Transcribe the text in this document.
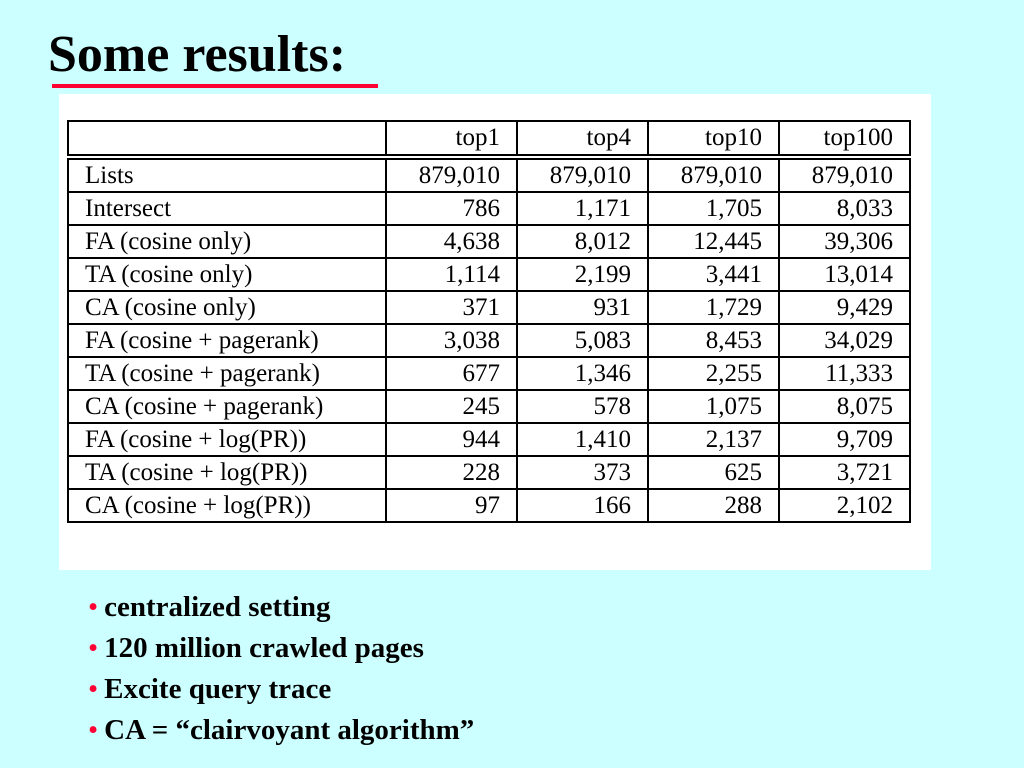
Some results:
	top1	top4	top10	top100
Lists	879,010	879,010	879,010	879,010
Intersect	786	1,171	1,705	8,033
FA (cosine only)	4,638	8,012	12,445	39,306
TA (cosine only)	1,114	2,199	3,441	13,014
CA (cosine only)	371	931	1,729	9,429
FA (cosine + pagerank)	3,038	5,083	8,453	34,029
TA (cosine + pagerank)	677	1,346	2,255	11,333
CA (cosine + pagerank)	245	578	1,075	8,075
FA (cosine + log(PR))	944	1,410	2,137	9,709
TA (cosine + log(PR))	228	373	625	3,721
CA (cosine + log(PR))	97	166	288	2,102
• centralized setting
• 120 million crawled pages
• Excite query trace
• CA = “clairvoyant algorithm”
